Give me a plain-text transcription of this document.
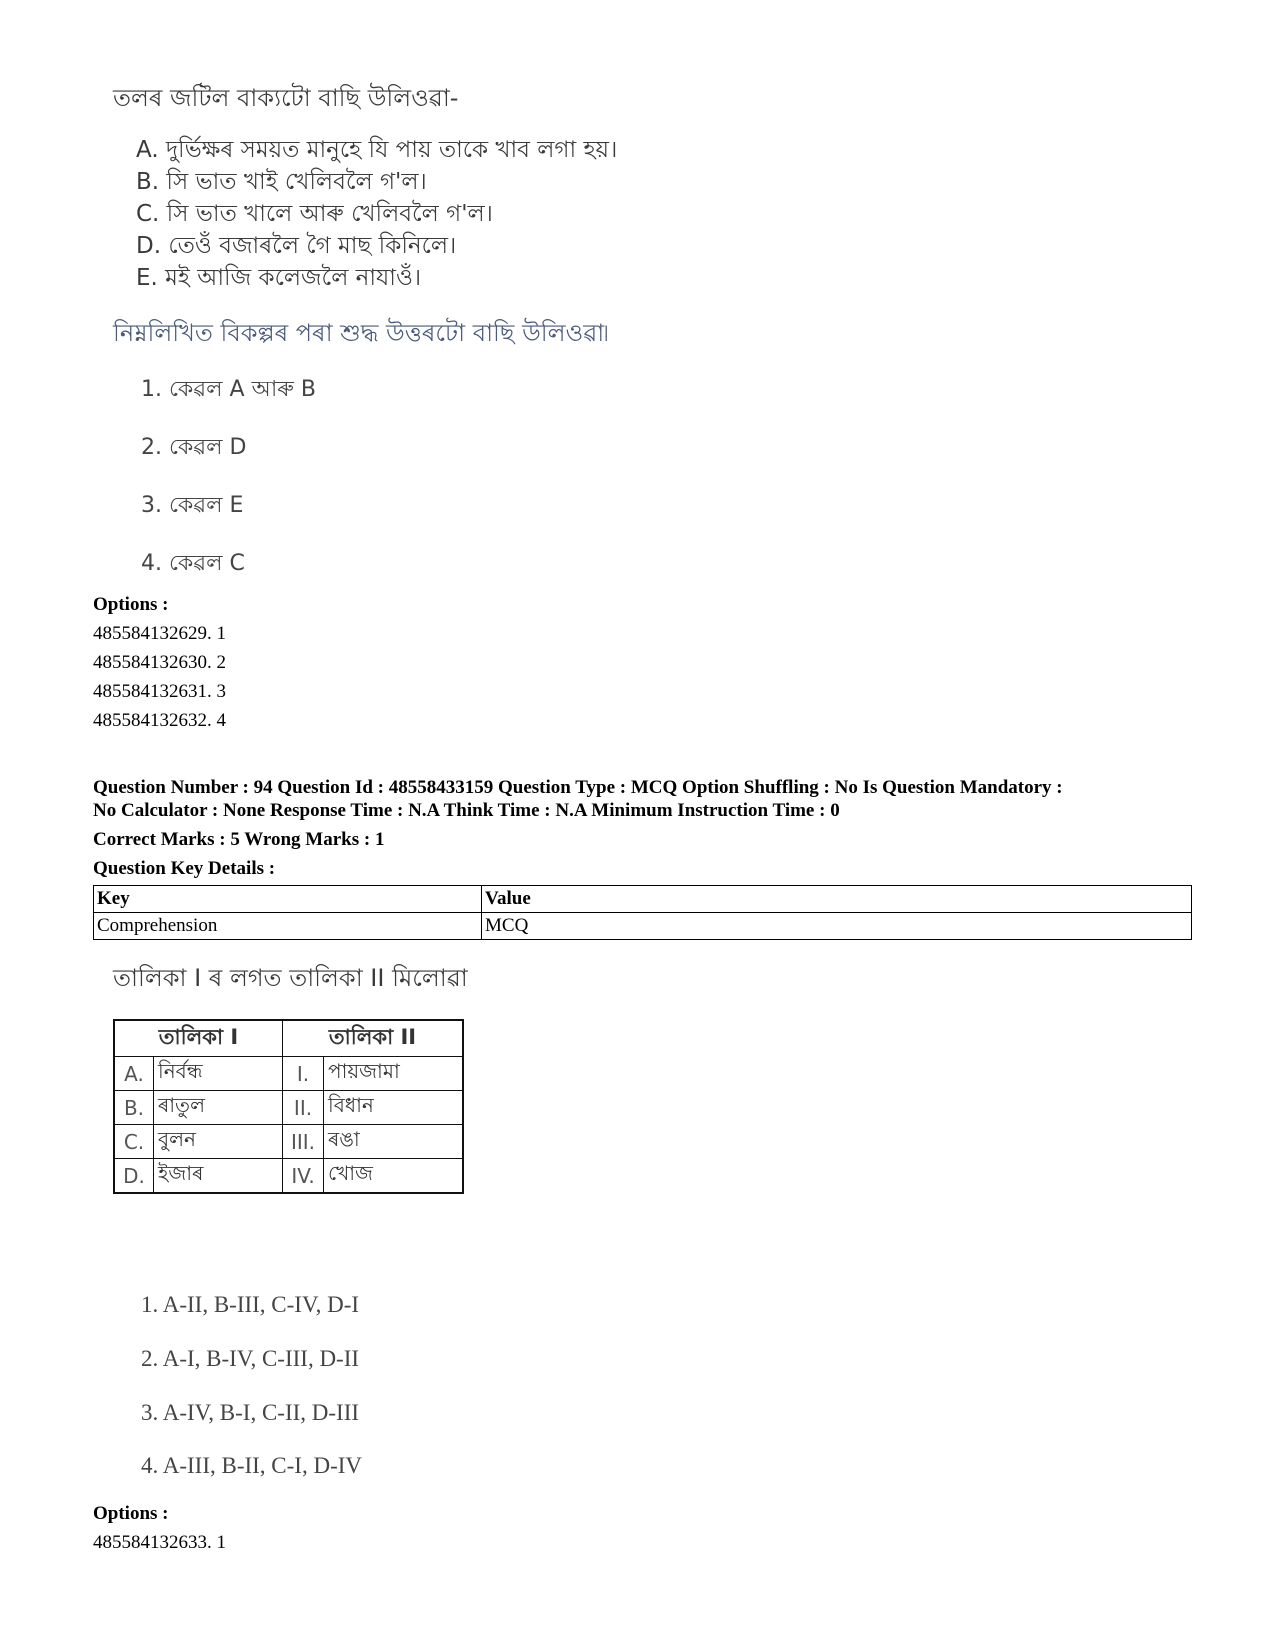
তলৰ জটিল বাক্যটো বাছি উলিওৱা-
A. দুৰ্ভিক্ষৰ সময়ত মানুহে যি পায় তাকে খাব লগা হয়।
B. সি ভাত খাই খেলিবলৈ গ'ল।
C. সি ভাত খালে আৰু খেলিবলৈ গ'ল।
D. তেওঁ বজাৰলৈ গৈ মাছ কিনিলে।
E. মই আজি কলেজলৈ নাযাওঁ।
নিম্নলিখিত বিকল্পৰ পৰা শুদ্ধ উত্তৰটো বাছি উলিওৱা৷
1. কেৱল A আৰু B
2. কেৱল D
3. কেৱল E
4. কেৱল C
Options :
485584132629. 1
485584132630. 2
485584132631. 3
485584132632. 4
Question Number : 94 Question Id : 48558433159 Question Type : MCQ Option Shuffling : No Is Question Mandatory :
No Calculator : None Response Time : N.A Think Time : N.A Minimum Instruction Time : 0
Correct Marks : 5 Wrong Marks : 1
Question Key Details :
Key	Value
Comprehension	MCQ
তালিকা I ৰ লগত তালিকা II মিলোৱা
তালিকা I		তালিকা II	
A.	নিৰ্বন্ধ	I.	পায়জামা
B.	ৰাতুল	II.	বিধান
C.	বুলন	III.	ৰঙা
D.	ইজাৰ	IV.	খোজ
1. A-II, B-III, C-IV, D-I
2. A-I, B-IV, C-III, D-II
3. A-IV, B-I, C-II, D-III
4. A-III, B-II, C-I, D-IV
Options :
485584132633. 1
